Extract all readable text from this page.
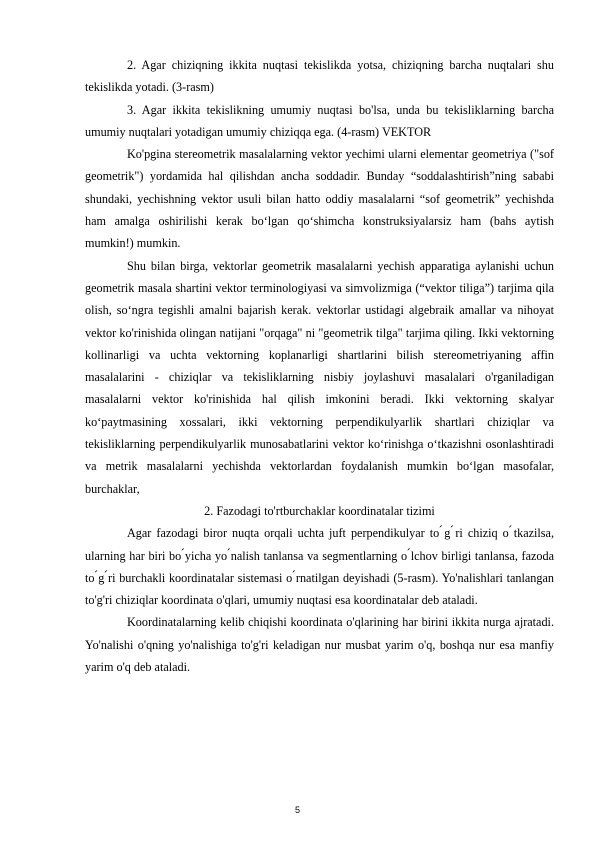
2. Agar chiziqning ikkita nuqtasi tekislikda yotsa, chiziqning barcha nuqtalari shu tekislikda yotadi. (3-rasm)

3. Agar ikkita tekislikning umumiy nuqtasi bo'lsa, unda bu tekisliklarning barcha umumiy nuqtalari yotadigan umumiy chiziqqa ega. (4-rasm) VEKTOR

Ko'pgina stereometrik masalalarning vektor yechimi ularni elementar geometriya ("sof geometrik") yordamida hal qilishdan ancha soddadir. Bunday “soddalashtirish”ning sababi shundaki, yechishning vektor usuli bilan hatto oddiy masalalarni “sof geometrik” yechishda ham amalga oshirilishi kerak bo‘lgan qo‘shimcha konstruksiyalarsiz ham (bahs aytish mumkin!) mumkin.

Shu bilan birga, vektorlar geometrik masalalarni yechish apparatiga aylanishi uchun geometrik masala shartini vektor terminologiyasi va simvolizmiga (“vektor tiliga”) tarjima qila olish, so‘ngra tegishli amalni bajarish kerak. vektorlar ustidagi algebraik amallar va nihoyat vektor ko'rinishida olingan natijani "orqaga" ni "geometrik tilga" tarjima qiling. Ikki vektorning kollinarligi va uchta vektorning koplanarligi shartlarini bilish stereometriyaning affin masalalarini - chiziqlar va tekisliklarning nisbiy joylashuvi masalalari o'rganiladigan masalalarni vektor ko'rinishida hal qilish imkonini beradi. Ikki vektorning skalyar ko‘paytmasining xossalari, ikki vektorning perpendikulyarlik shartlari chiziqlar va tekisliklarning perpendikulyarlik munosabatlarini vektor ko‘rinishga o‘tkazishni osonlashtiradi va metrik masalalarni yechishda vektorlardan foydalanish mumkin bo‘lgan masofalar, burchaklar,

2. Fazodagi to'rtburchaklar koordinatalar tizimi

Agar fazodagi biror nuqta orqali uchta juft perpendikulyar to ́g ́ri chiziq o ́tkazilsa, ularning har biri bo ́yicha yo ́nalish tanlansa va segmentlarning o ́lchov birligi tanlansa, fazoda to ́g ́ri burchakli koordinatalar sistemasi o ́rnatilgan deyishadi (5-rasm). Yo'nalishlari tanlangan to'g'ri chiziqlar koordinata o'qlari, umumiy nuqtasi esa koordinatalar deb ataladi.

Koordinatalarning kelib chiqishi koordinata o'qlarining har birini ikkita nurga ajratadi. Yo'nalishi o'qning yo'nalishiga to'g'ri keladigan nur musbat yarim o'q, boshqa nur esa manfiy yarim o'q deb ataladi.

5
